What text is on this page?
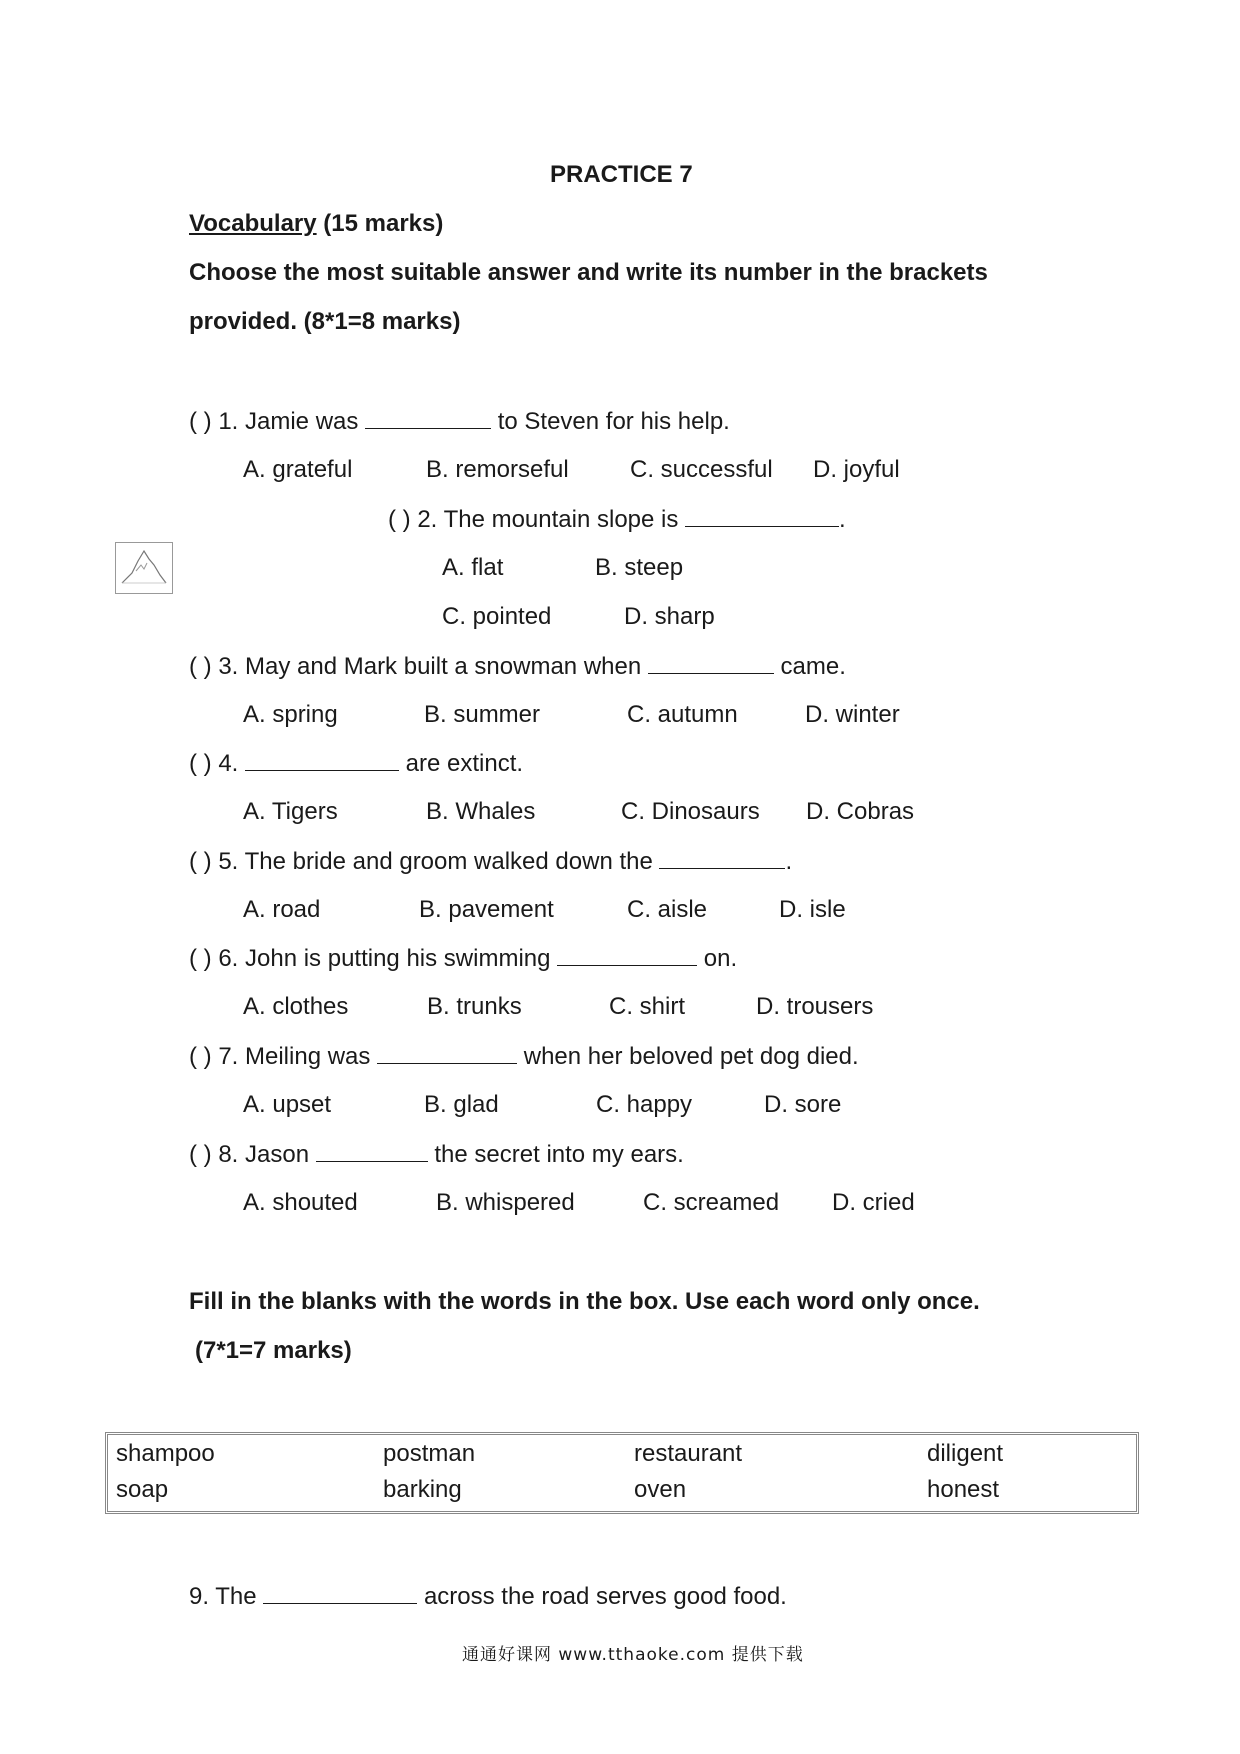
PRACTICE 7
Vocabulary (15 marks)
Choose the most suitable answer and write its number in the brackets
provided. (8*1=8 marks)
( ) 1. Jamie was	to Steven for his help.
A. grateful	B. remorseful	C. successful D. joyful
( ) 2. The mountain slope is	.
A. flat	B. steep
C. pointed	D. sharp
( ) 3. May and Mark built a snowman when	came.
A. spring	B. summer	C. autumn	D. winter
( ) 4.	are extinct.
A. Tigers	B. Whales	C. Dinosaurs D. Cobras
( ) 5. The bride and groom walked down the	.
A. road	B. pavement	C. aisle	D. isle
( ) 6. John is putting his swimming	on.
A. clothes	B. trunks	C. shirt	D. trousers
( ) 7. Meiling was	when her beloved pet dog died.
A. upset	B. glad	C. happy	D. sore
( ) 8. Jason	the secret into my ears.
A. shouted	B. whispered	C. screamed D. cried
Fill in the blanks with the words in the box. Use each word only once.
(7*1=7 marks)
shampoo	postman	restaurant	diligent
soap	barking	oven	honest
9. The	across the road serves good food.
通通好课网 www.tthaoke.com 提供下载
